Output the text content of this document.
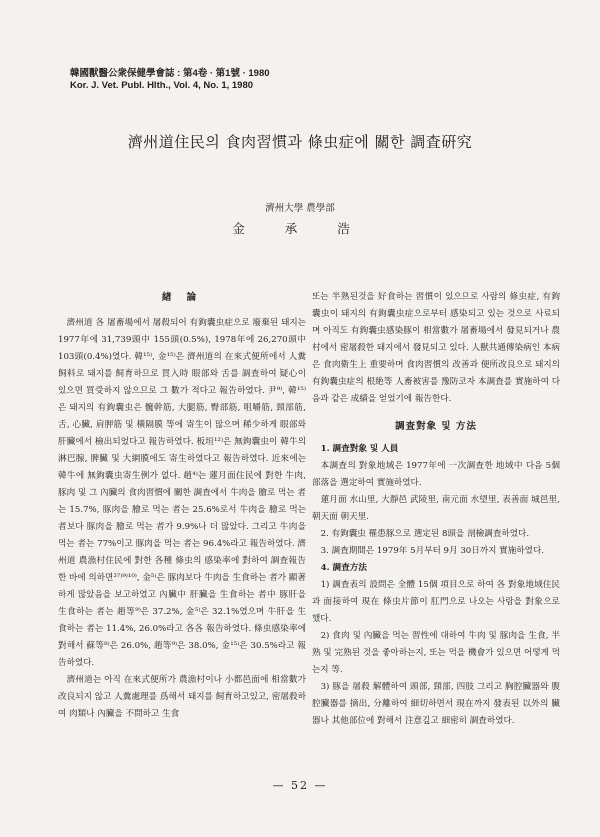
韓國獸醫公衆保健學會誌 : 第4卷 · 第1號 · 1980
Kor. J. Vet. Publ. Hlth., Vol. 4, No. 1, 1980
濟州道住民의 食肉習慣과 條虫症에 關한 調査硏究
濟州大學 農學部
金 承 浩
緖 論

濟州道 各 屠畜場에서 屠殺되어 有鉤囊虫症으로 廢棄된 돼지는 1977年에 31,739頭中 155頭(0.5%), 1978年에 26,270頭中 103頭(0.4%)였다. 韓¹⁵⁾, 金¹⁵⁾은 濟州道의 在來式便所에서 人糞飼料로 돼지를 飼育하므로 買入時 眼部와 舌를 調査하여 疑心이 있으면 買受하지 않으므로 그 數가 적다고 報告하였다. 尹⁹⁾, 韓¹⁵⁾은 돼지의 有鉤囊虫은 髖幹筋, 大腿筋, 臀部筋, 咀嚼筋, 頸部筋, 舌, 心臟, 肩胛筋 및 橫隔膜 等에 寄生이 많으며 稀少하게 眼部와 肝臟에서 檢出되었다고 報告하였다. 板垣¹²⁾은 無鉤囊虫이 韓牛의 淋巴腺, 脾臟 및 大網膜에도 寄生하였다고 報告하였다. 近來에는 韓牛에 無鉤囊虫寄生例가 없다. 趙⁴⁾는 蓮月面住民에 對한 牛肉, 豚肉 및 그 內臟의 食肉習慣에 關한 調査에서 牛肉을 膾로 먹는 者는 15.7%, 豚肉을 膾로 먹는 者는 25.6%로서 牛肉을 膾로 먹는 者보다 豚肉을 膾로 먹는 者가 9.9%나 더 많았다. 그리고 牛肉을 먹는 者는 77%이고 豚肉을 먹는 者는 96.4%라고 報告하였다. 濟州道 農漁村住民에 對한 各種 條虫의 感染率에 對하여 調査報告한 바에 의하면³⁷⁾⁹⁾¹⁰⁾, 金⁵⁾은 豚肉보다 牛肉을 生食하는 者가 顯著하게 많았음을 보고하였고 內臟中 肝臟을 生食하는 者中 豚肝을 生食하는 者는 趙等⁹⁾은 37.2%, 金⁵⁾은 32.1%였으며 牛肝을 生食하는 者는 11.4%, 26.0%라고 各各 報告하였다. 條虫感染率에 對해서 蘇等⁸⁾은 26.0%, 趙等⁹⁾은 38.0%, 金¹⁵⁾은 30.5%라고 報告하였다.

濟州道는 아직 在來式便所가 農漁村이나 小都邑面에 相當數가 改良되지 않고 人糞處理를 爲해서 돼지를 飼育하고있고, 密屠殺하여 肉類나 內臟을 不問하고 生食

또는 半熟된것을 好食하는 習慣이 있으므로 사람의 條虫症, 有鉤囊虫이 돼지의 有鉤囊虫症으로부터 感染되고 있는 것으로 사료되며 아직도 有鉤囊虫感染豚이 相當數가 屠畜場에서 發見되거나 農村에서 密屠殺한 돼지에서 發見되고 있다. 人獸共通傳染病인 本病은 食肉衛生上 重要하며 食肉習慣의 改善과 便所改良으로 돼지의 有鉤囊虫症의 根絶等 人畜被害를 豫防코자 本調査를 實施하여 다음과 같은 成績을 얻었기에 報告한다.

調査對象 및 方法

1. 調査對象 및 人員

本調査의 對象地域은 1977年에 一次調査한 地域中 다음 5個 部落을 選定하여 實施하였다.

蓮月面 水山里, 大靜邑 武陵里, 南元面 水望里, 表善面 城邑里, 朝天面 朝天里.

2. 有鉤囊虫 罹患豚으로 選定된 8頭을 剖檢調査하였다.

3. 調査期間은 1979年 5月부터 9月 30日까지 實施하였다.

4. 調査方法

1) 調査表의 設問은 全體 15個 項目으로 하여 各 對象地域住民과 面接하여 現在 條虫片節이 肛門으로 나오는 사람을 對象으로 했다.

2) 食肉 및 內臟을 먹는 習性에 대하여 牛肉 및 豚肉을 生食, 半熟 및 完熟된 것을 좋아하는지, 또는 먹을 機會가 있으면 어떻게 먹는지 等.

3) 豚을 屠殺 解體하여 頭部, 頸部, 四肢 그리고 胸腔臟器와 腹腔臟器를 摘出, 分離하여 細切하면서 現在까지 發表된 以外의 臟器나 其他部位에 對해서 注意깊고 細密히 調査하였다.

— 52 —
